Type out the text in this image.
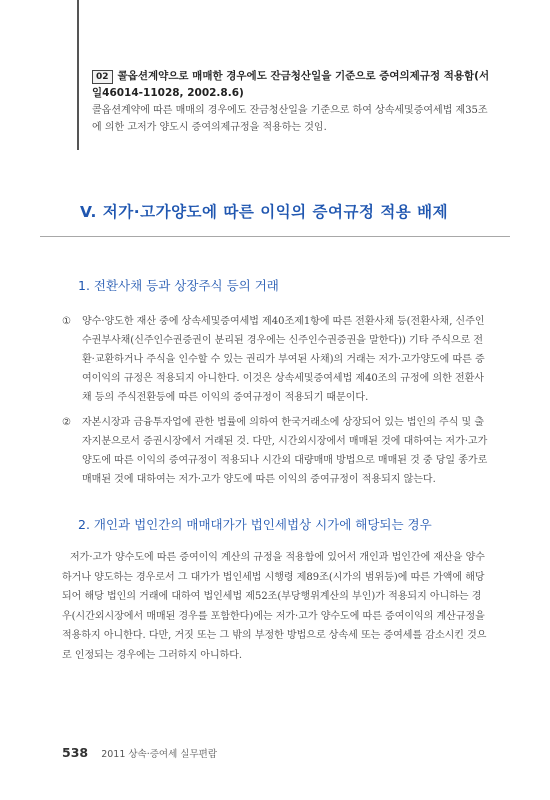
02 콜옵션계약으로 매매한 경우에도 잔금청산일을 기준으로 증여의제규정 적용함(서일46014-11028, 2002.8.6)
콜옵션계약에 따른 매매의 경우에도 잔금청산일을 기준으로 하여 상속세및증여세법 제35조에 의한 고저가 양도시 증여의제규정을 적용하는 것임.
V. 저가·고가양도에 따른 이익의 증여규정 적용 배제
1. 전환사채 등과 상장주식 등의 거래
① 양수·양도한 재산 중에 상속세및증여세법 제40조제1항에 따른 전환사채 등(전환사채, 신주인수권부사채(신주인수권증권이 분리된 경우에는 신주인수권증권을 말한다)) 기타 주식으로 전환·교환하거나 주식을 인수할 수 있는 권리가 부여된 사채)의 거래는 저가·고가양도에 따른 증여이익의 규정은 적용되지 아니한다. 이것은 상속세및증여세법 제40조의 규정에 의한 전환사채 등의 주식전환등에 따른 이익의 증여규정이 적용되기 때문이다.
② 자본시장과 금융투자업에 관한 법률에 의하여 한국거래소에 상장되어 있는 법인의 주식 및 출자지분으로서 증권시장에서 거래된 것. 다만, 시간외시장에서 매매된 것에 대하여는 저가·고가양도에 따른 이익의 증여규정이 적용되나 시간외 대량매매 방법으로 매매된 것 중 당일 종가로 매매된 것에 대하여는 저가·고가 양도에 따른 이익의 증여규정이 적용되지 않는다.
2. 개인과 법인간의 매매대가가 법인세법상 시가에 해당되는 경우
저가·고가 양수도에 따른 증여이익 계산의 규정을 적용함에 있어서 개인과 법인간에 재산을 양수하거나 양도하는 경우로서 그 대가가 법인세법 시행령 제89조(시가의 범위등)에 따른 가액에 해당되어 해당 법인의 거래에 대하여 법인세법 제52조(부당행위계산의 부인)가 적용되지 아니하는 경우(시간외시장에서 매매된 경우를 포함한다)에는 저가·고가 양수도에 따른 증여이익의 계산규정을 적용하지 아니한다. 다만, 거짓 또는 그 밖의 부정한 방법으로 상속세 또는 증여세를 감소시킨 것으로 인정되는 경우에는 그러하지 아니하다.
538 2011 상속·증여세 실무편람
